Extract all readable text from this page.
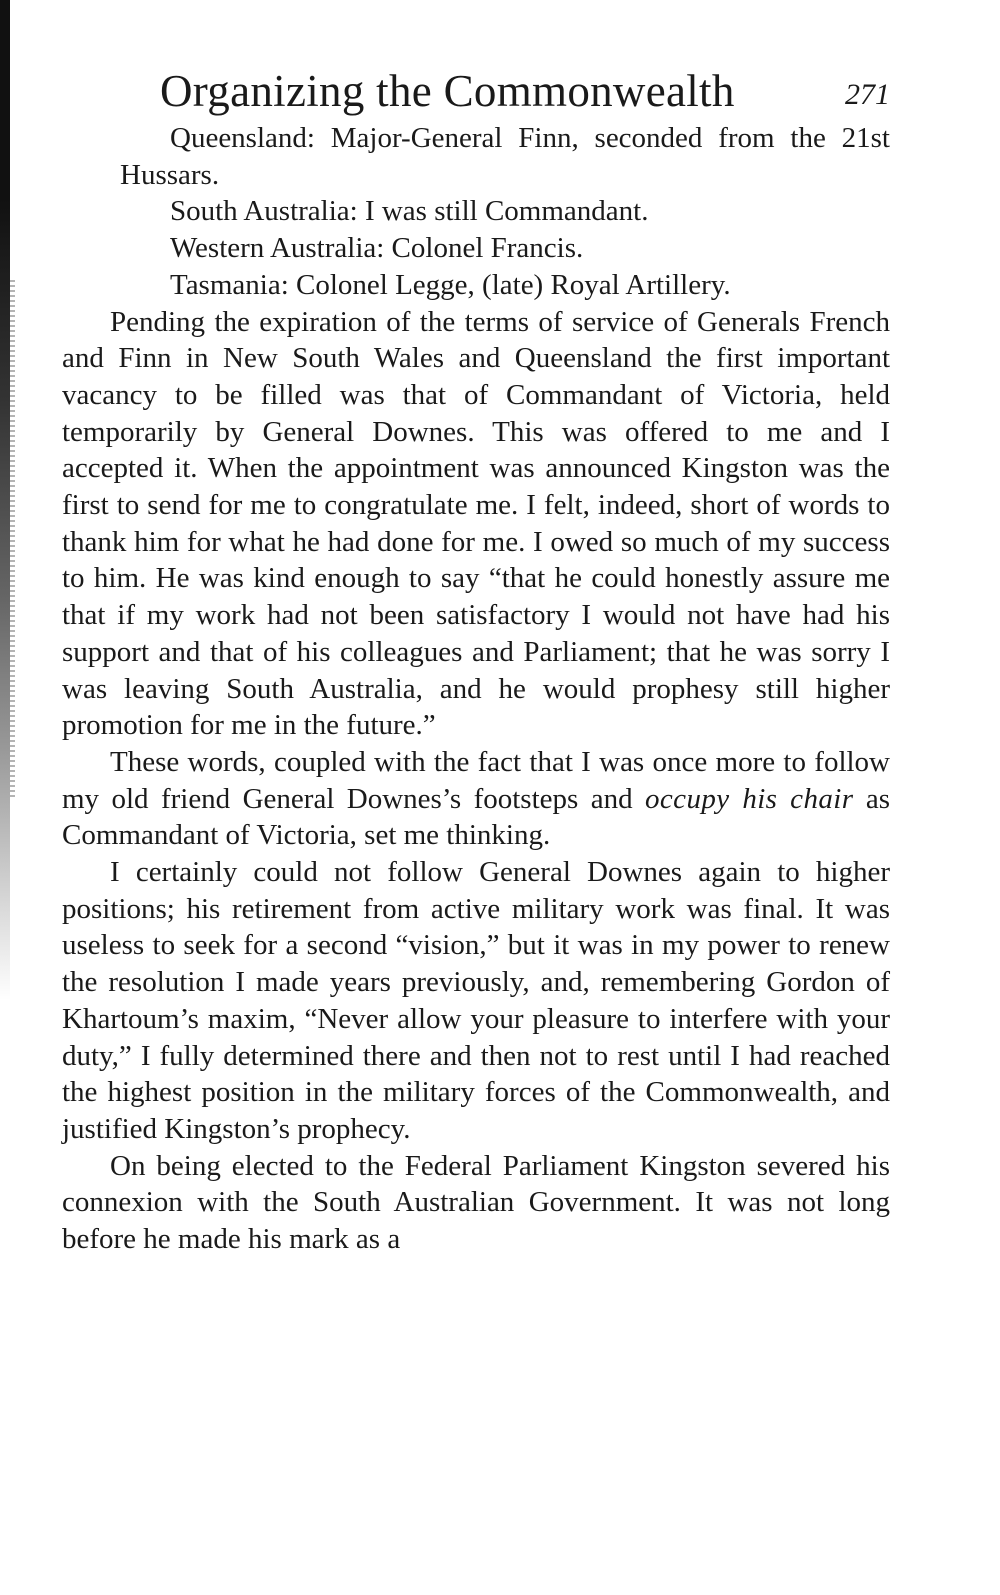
Organizing the Commonwealth	271
Queensland: Major-General Finn, seconded from the 21st Hussars.
South Australia: I was still Commandant.
Western Australia: Colonel Francis.
Tasmania: Colonel Legge, (late) Royal Artillery.

Pending the expiration of the terms of service of Generals French and Finn in New South Wales and Queensland the first important vacancy to be filled was that of Commandant of Victoria, held temporarily by General Downes. This was offered to me and I accepted it. When the appointment was announced Kingston was the first to send for me to congratulate me. I felt, indeed, short of words to thank him for what he had done for me. I owed so much of my success to him. He was kind enough to say “that he could honestly assure me that if my work had not been satisfactory I would not have had his support and that of his colleagues and Parliament; that he was sorry I was leaving South Australia, and he would prophesy still higher promotion for me in the future.”

These words, coupled with the fact that I was once more to follow my old friend General Downes’s footsteps and occupy his chair as Commandant of Victoria, set me thinking.

I certainly could not follow General Downes again to higher positions; his retirement from active military work was final. It was useless to seek for a second “vision,” but it was in my power to renew the resolution I made years previously, and, remembering Gordon of Khartoum’s maxim, “Never allow your pleasure to interfere with your duty,” I fully determined there and then not to rest until I had reached the highest position in the military forces of the Commonwealth, and justified Kingston’s prophecy.

On being elected to the Federal Parliament Kingston severed his connexion with the South Australian Government. It was not long before he made his mark as a
